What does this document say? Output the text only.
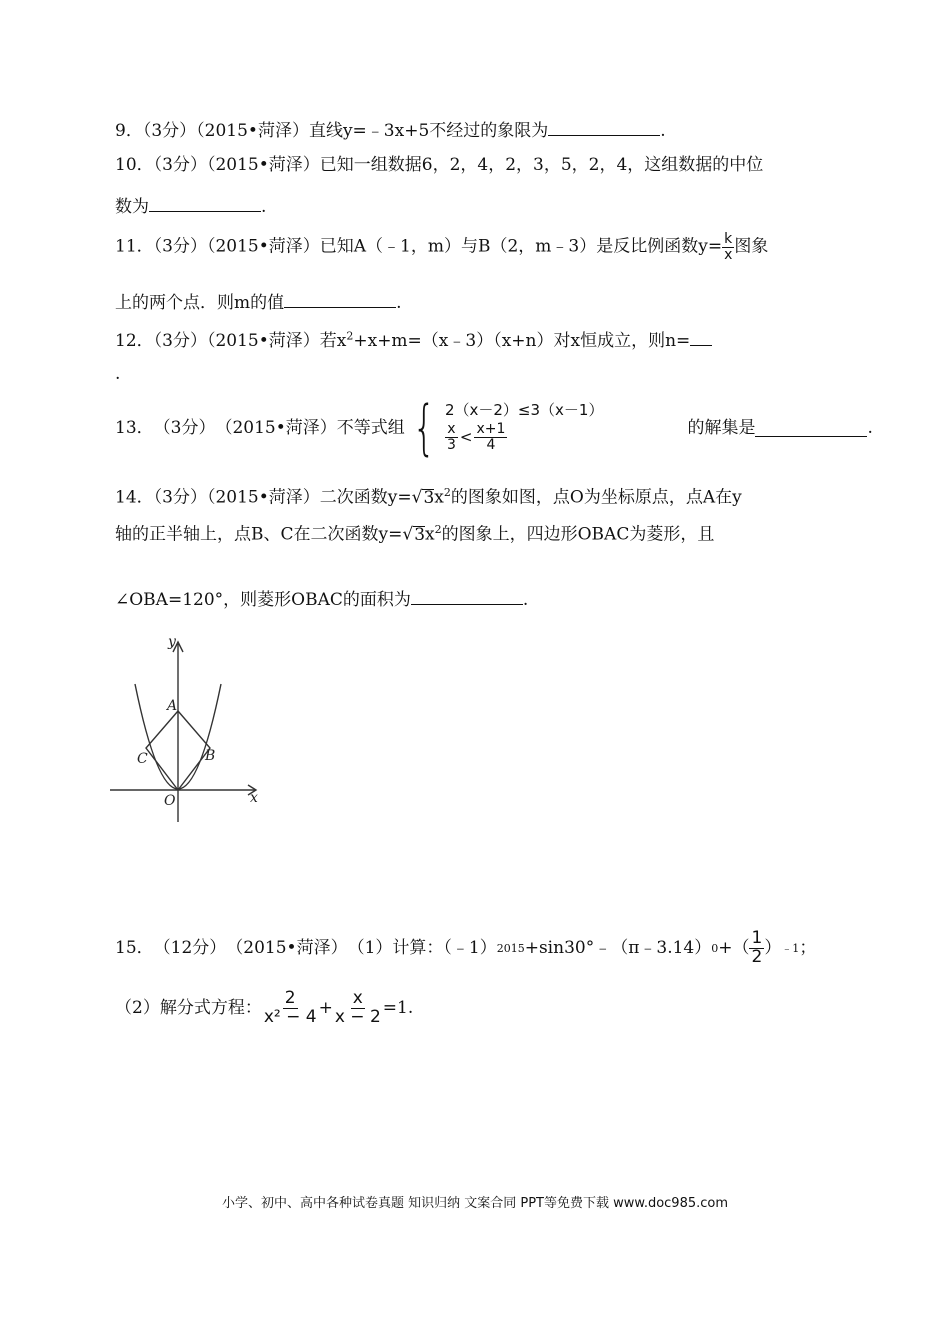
9．（3分）（2015•菏泽）直线y=﹣3x+5不经过的象限为	.
10．（3分）（2015•菏泽）已知一组数据6，2，4，2，3，5，2，4，这组数据的中位
数为	.
11．（3分）（2015•菏泽）已知A（﹣1，m）与B（2，m﹣3）是反比例函数$y= \frac{k}{x}$ 图象
上的两个点．则m的值	.
12．（3分）（2015•菏泽）若$x^2+x+m=(x﹣3)(x+n)$对x恒成立，则n=
.
13． （3分） （2015•菏泽） 不等式组 { 2（x－2）≤3（x－1）
$\frac{x}{3} < \frac{x+1}{4}$	的解集是	.
14．（3分）（2015•菏泽）二次函数$y=√3x^2$的图象如图，点O为坐标原点，点A在y
轴的正半轴上，点B、C在二次函数$y=√3x^2$的图象上，四边形OBAC为菱形，且
∠OBA=120°，则菱形OBAC的面积为	.
y
x
A
B
C
O
15． （12分） （2015•菏泽） （1）计算：（﹣1） 2015 +sin30°﹣（π﹣3.14） 0 +（ $\frac{1}{2}$ ） ﹣1 ；
（2）解分式方程： $\frac{2}{\text{x² − 4}} + \frac{x}{x - 2} =1$.
小学、初中、高中各种试卷真题 知识归纳 文案合同 PPT等免费下载 www.doc985.com
